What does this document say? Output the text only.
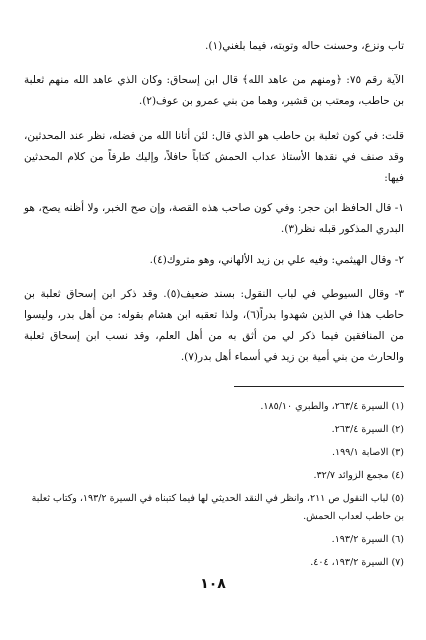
تاب ونزع، وحسنت حاله وتوبته، فيما بلغني(١).
الآية رقم ٧٥: ﴿ومنهم من عاهد الله﴾ قال ابن إسحاق: وكان الذي عاهد الله منهم ثعلبة بن حاطب، ومعتب بن قشير، وهما من بني عمرو بن عوف(٢).
قلت: في كون ثعلبة بن حاطب هو الذي قال: لئن أتانا الله من فضله، نظر عند المحدثين، وقد صنف في نقدها الأستاذ عداب الحمش كتاباً حافلاً، وإليك طرفاً من كلام المحدثين فيها:
١- قال الحافظ ابن حجر: وفي كون صاحب هذه القصة، وإن صح الخبر، ولا أظنه يصح، هو البدري المذكور قبله نظر(٣).
٢- وقال الهيثمي: وفيه علي بن زيد الألهاني، وهو متروك(٤).
٣- وقال السيوطي في لباب النقول: بسند ضعيف(٥). وقد ذكر ابن إسحاق ثعلبة بن حاطب هذا في الذين شهدوا بدراً(٦)، ولذا تعقبه ابن هشام بقوله: من أهل بدر، وليسوا من المنافقين فيما ذكر لي من أثق به من أهل العلم، وقد نسب ابن إسحاق ثعلبة والحارث من بني أمية بن زيد في أسماء أهل بدر(٧).
(١) السيرة ٢٦٣/٤، والطبري ١٨٥/١٠.
(٢) السيرة ٢٦٣/٤.
(٣) الاصابة ١٩٩/١.
(٤) مجمع الزوائد ٣٢/٧.
(٥) لباب النقول ص ٢١١، وانظر في النقد الحديثي لها فيما كتبناه في السيرة ١٩٣/٢، وكتاب ثعلبة بن حاطب لعداب الحمش.
(٦) السيرة ١٩٣/٢.
(٧) السيرة ١٩٣/٢، ٤٠٤.
١٠٨
